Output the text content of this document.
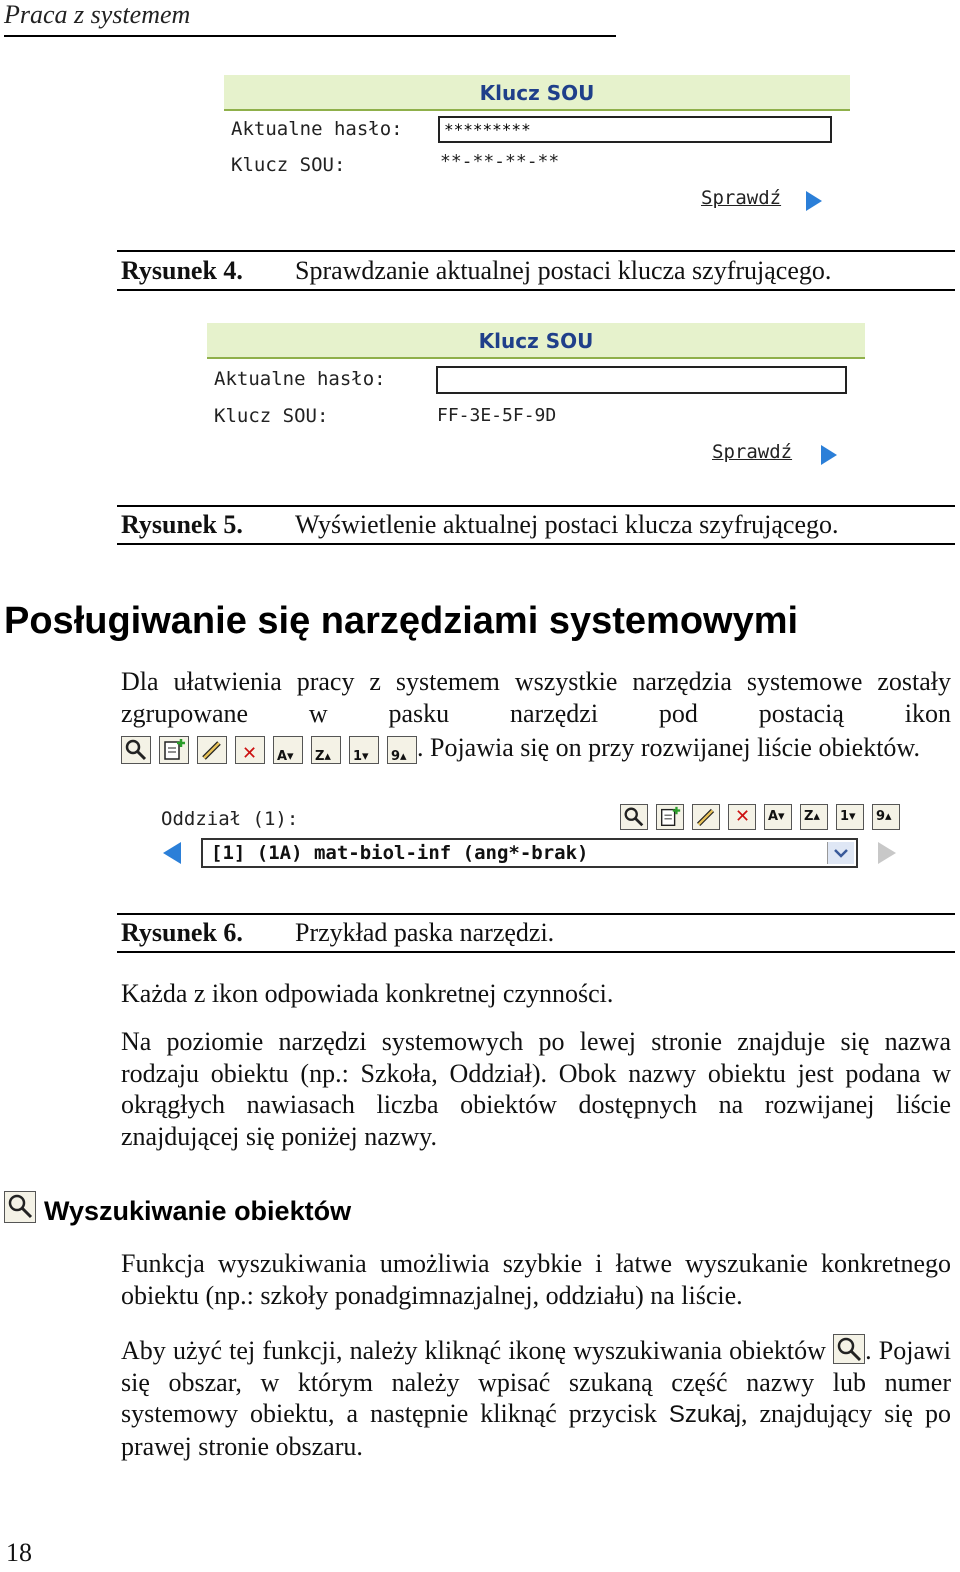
Praca z systemem
Klucz SOU
Aktualne hasło:	*********
Klucz SOU:	**-**-**-**
Sprawdź
Rysunek 4. Sprawdzanie aktualnej postaci klucza szyfrującego.
Klucz SOU
Aktualne hasło:
Klucz SOU:	FF-3E-5F-9D
Sprawdź
Rysunek 5. Wyświetlenie aktualnej postaci klucza szyfrującego.
Posługiwanie się narzędziami systemowymi
Dla ułatwienia pracy z systemem wszystkie narzędzia systemowe zostały zgrupowane w pasku narzędzi pod postacią ikon
✕ A▾ Z▴ 1▾ 9▴ . Pojawia się on przy rozwijanej liście obiektów.
Oddział (1):	✕ A▾ Z▴ 1▾ 9▴
[1] (1A) mat-biol-inf (ang*-brak)
Rysunek 6. Przykład paska narzędzi.
Każda z ikon odpowiada konkretnej czynności.
Na poziomie narzędzi systemowych po lewej stronie znajduje się nazwa rodzaju obiektu (np.: Szkoła, Oddział). Obok nazwy obiektu jest podana w okrągłych nawiasach liczba obiektów dostępnych na rozwijanej liście znajdującej się poniżej nazwy.
Wyszukiwanie obiektów
Funkcja wyszukiwania umożliwia szybkie i łatwe wyszukanie konkretnego obiektu (np.: szkoły ponadgimnazjalnej, oddziału) na liście.
Aby użyć tej funkcji, należy kliknąć ikonę wyszukiwania obiektów . Pojawi się obszar, w którym należy wpisać szukaną część nazwy lub numer systemowy obiektu, a następnie kliknąć przycisk Szukaj, znajdujący się po prawej stronie obszaru.
18
